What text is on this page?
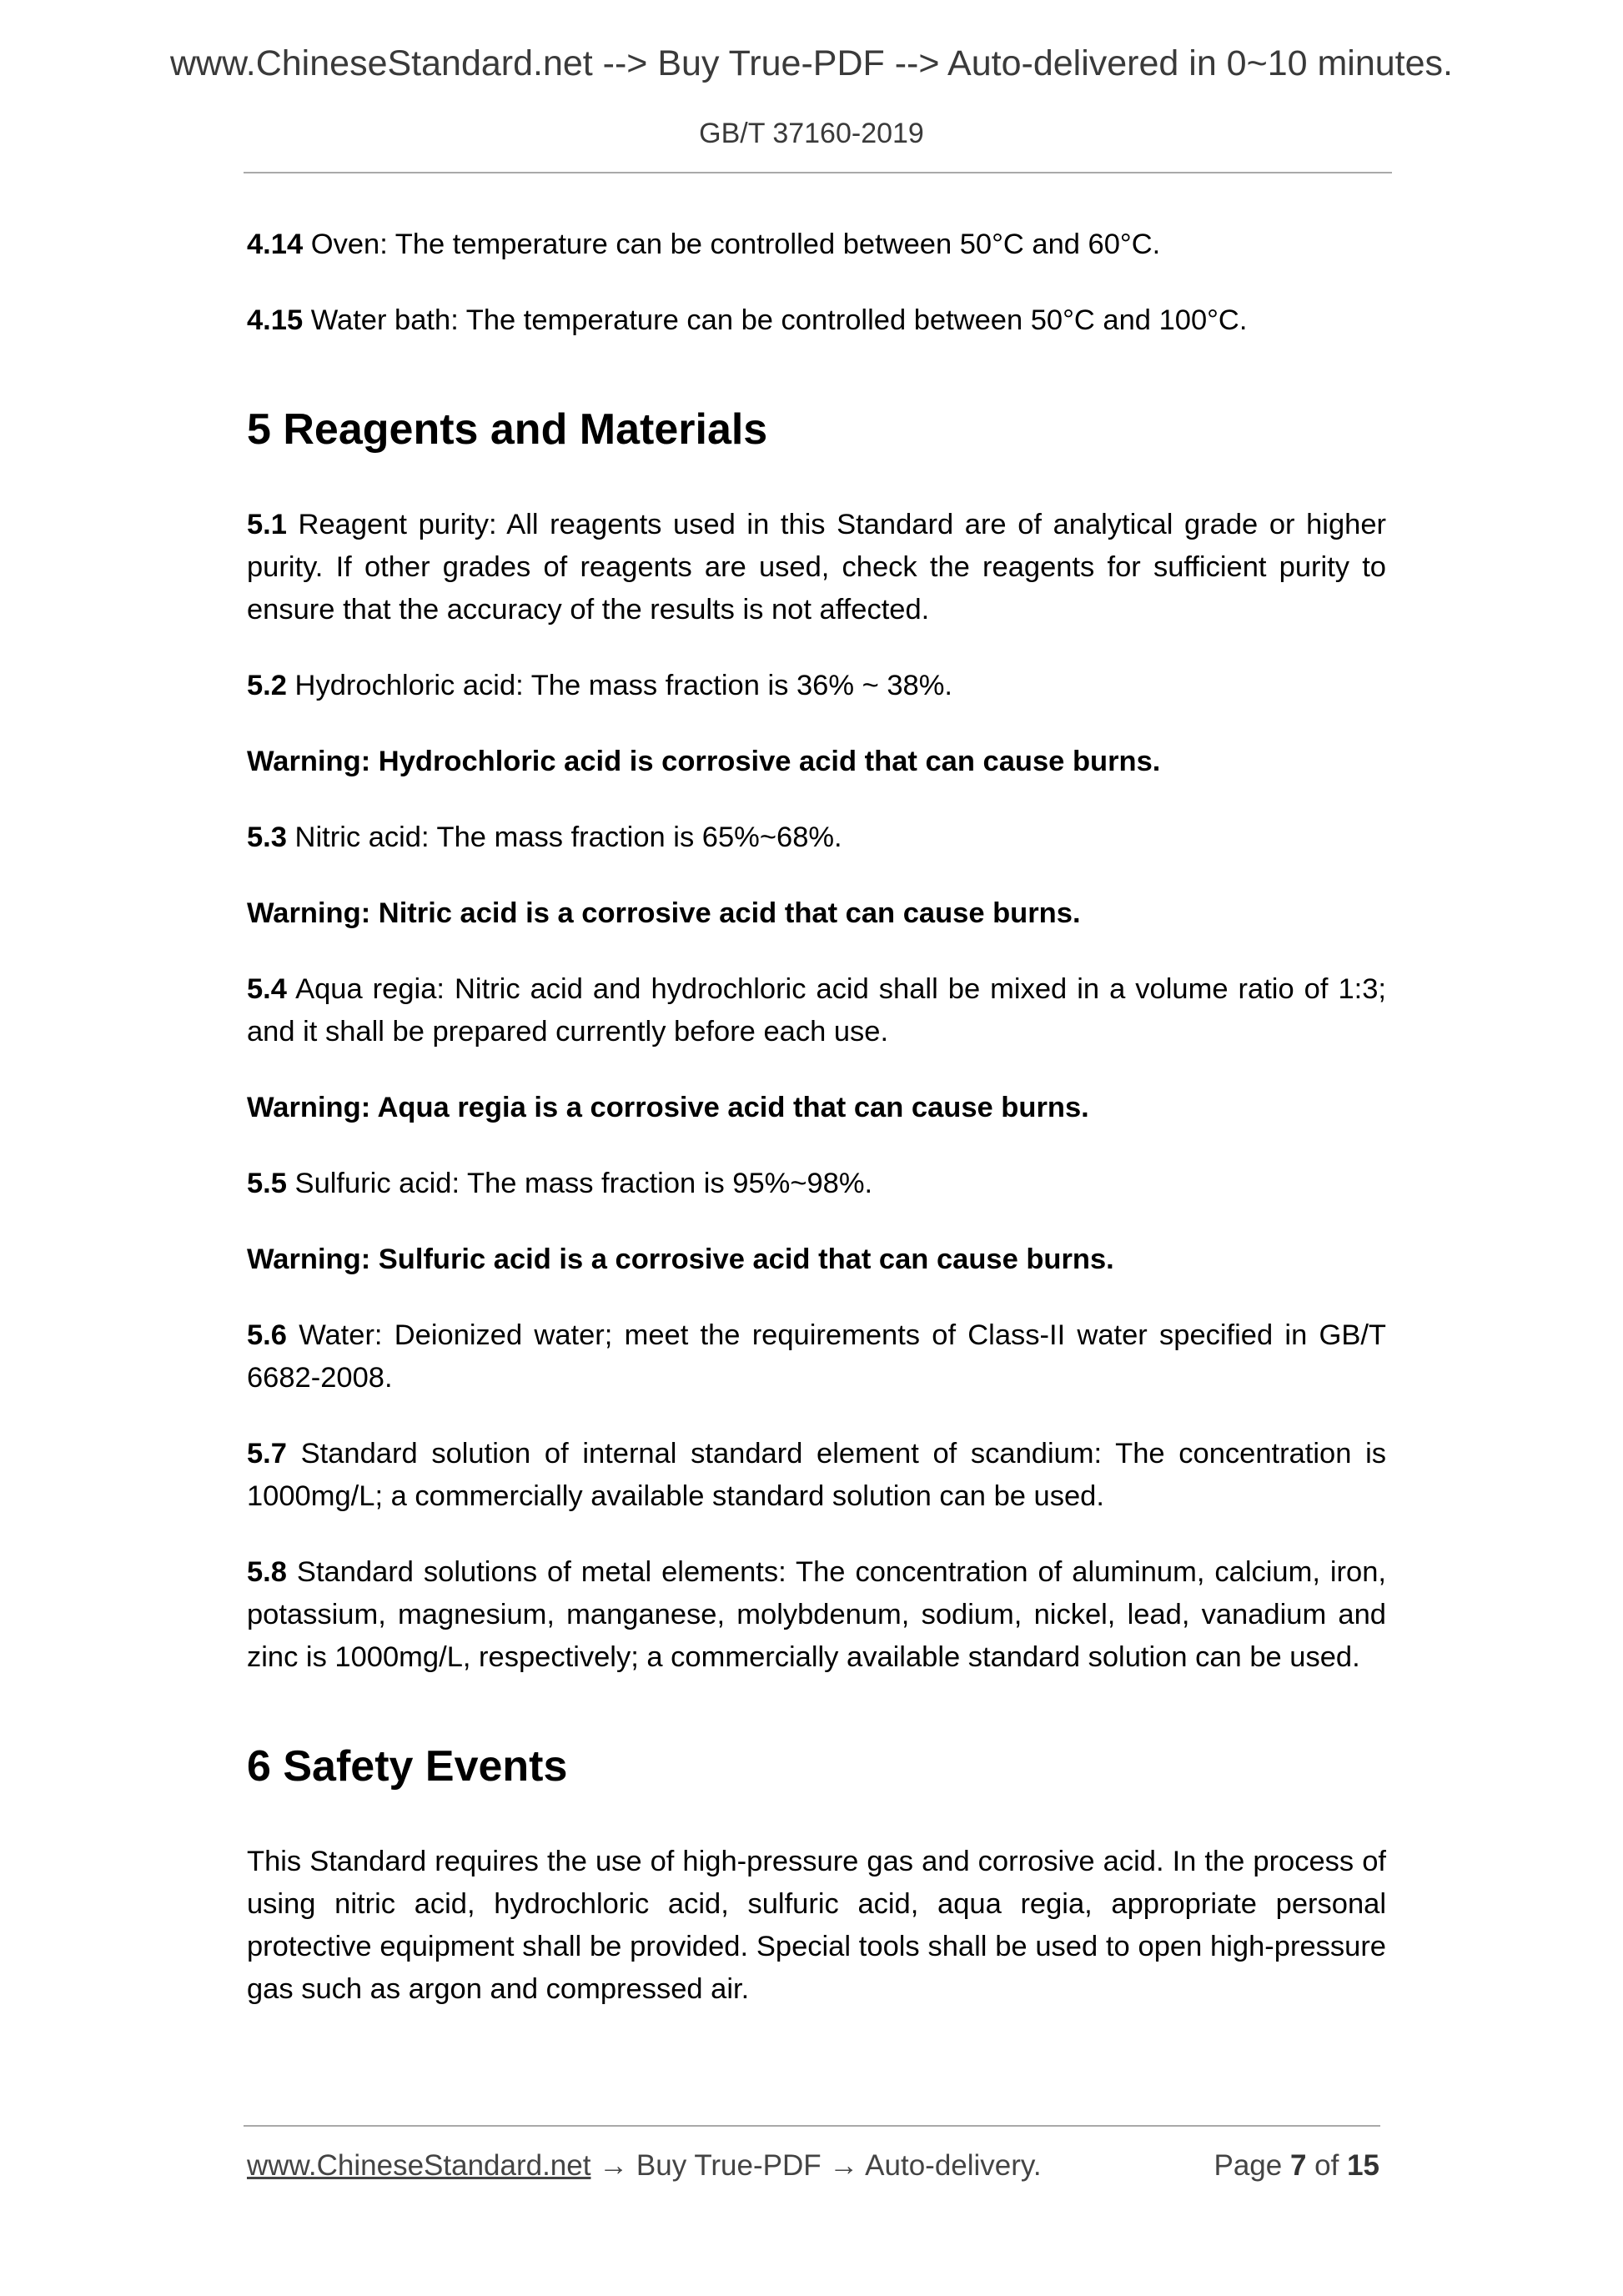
www.ChineseStandard.net --> Buy True-PDF --> Auto-delivered in 0~10 minutes.
GB/T 37160-2019

4.14 Oven: The temperature can be controlled between 50°C and 60°C.

4.15 Water bath: The temperature can be controlled between 50°C and 100°C.

5 Reagents and Materials

5.1 Reagent purity: All reagents used in this Standard are of analytical grade or higher purity. If other grades of reagents are used, check the reagents for sufficient purity to ensure that the accuracy of the results is not affected.

5.2 Hydrochloric acid: The mass fraction is 36% ~ 38%.

Warning: Hydrochloric acid is corrosive acid that can cause burns.

5.3 Nitric acid: The mass fraction is 65%~68%.

Warning: Nitric acid is a corrosive acid that can cause burns.

5.4 Aqua regia: Nitric acid and hydrochloric acid shall be mixed in a volume ratio of 1:3; and it shall be prepared currently before each use.

Warning: Aqua regia is a corrosive acid that can cause burns.

5.5 Sulfuric acid: The mass fraction is 95%~98%.

Warning: Sulfuric acid is a corrosive acid that can cause burns.

5.6 Water: Deionized water; meet the requirements of Class-II water specified in GB/T 6682-2008.

5.7 Standard solution of internal standard element of scandium: The concentration is 1000mg/L; a commercially available standard solution can be used.

5.8 Standard solutions of metal elements: The concentration of aluminum, calcium, iron, potassium, magnesium, manganese, molybdenum, sodium, nickel, lead, vanadium and zinc is 1000mg/L, respectively; a commercially available standard solution can be used.

6 Safety Events

This Standard requires the use of high-pressure gas and corrosive acid. In the process of using nitric acid, hydrochloric acid, sulfuric acid, aqua regia, appropriate personal protective equipment shall be provided. Special tools shall be used to open high-pressure gas such as argon and compressed air.

www.ChineseStandard.net → Buy True-PDF → Auto-delivery.	Page 7 of 15
